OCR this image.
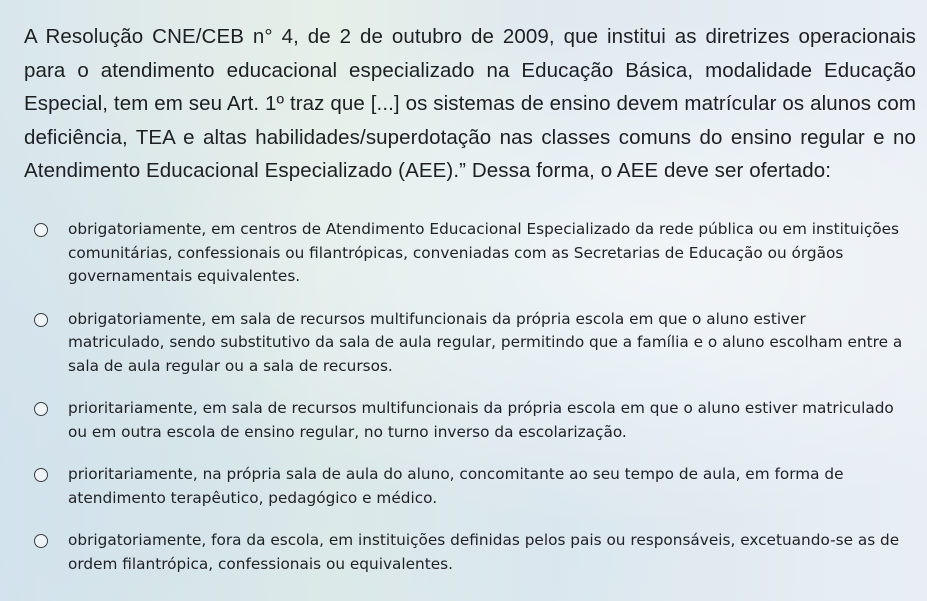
A Resolução CNE/CEB n° 4, de 2 de outubro de 2009, que institui as diretrizes operacionais para o atendimento educacional especializado na Educação Básica, modalidade Educação Especial, tem em seu Art. 1º traz que [...] os sistemas de ensino devem matrícular os alunos com deficiência, TEA e altas habilidades/superdotação nas classes comuns do ensino regular e no Atendimento Educacional Especializado (AEE).” Dessa forma, o AEE deve ser ofertado:
obrigatoriamente, em centros de Atendimento Educacional Especializado da rede pública ou em instituições comunitárias, confessionais ou filantrópicas, conveniadas com as Secretarias de Educação ou órgãos governamentais equivalentes.
obrigatoriamente, em sala de recursos multifuncionais da própria escola em que o aluno estiver matriculado, sendo substitutivo da sala de aula regular, permitindo que a família e o aluno escolham entre a sala de aula regular ou a sala de recursos.
prioritariamente, em sala de recursos multifuncionais da própria escola em que o aluno estiver matriculado ou em outra escola de ensino regular, no turno inverso da escolarização.
prioritariamente, na própria sala de aula do aluno, concomitante ao seu tempo de aula, em forma de atendimento terapêutico, pedagógico e médico.
obrigatoriamente, fora da escola, em instituições definidas pelos pais ou responsáveis, excetuando-se as de ordem filantrópica, confessionais ou equivalentes.
